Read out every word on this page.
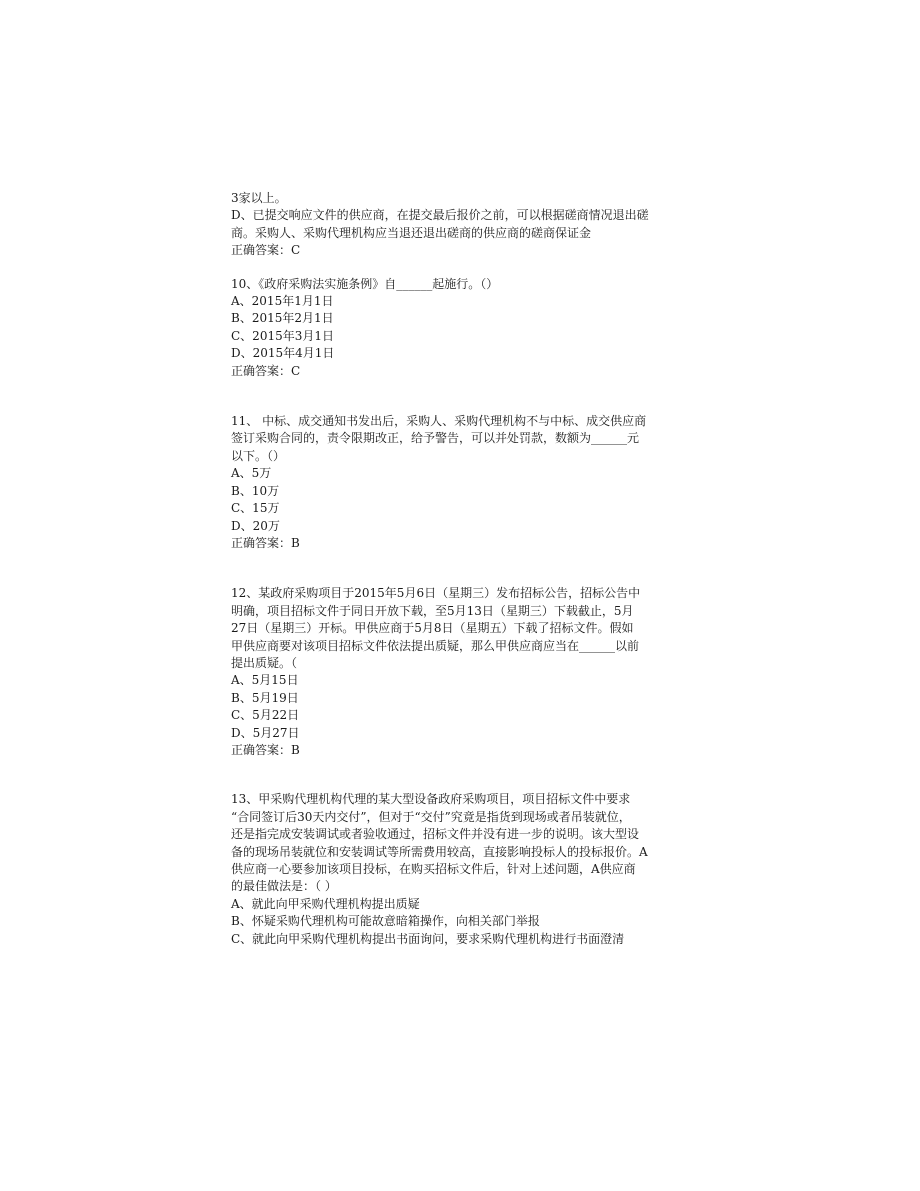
3家以上。
D、已提交响应文件的供应商，在提交最后报价之前，可以根据磋商情况退出磋
商。采购人、采购代理机构应当退还退出磋商的供应商的磋商保证金
正确答案：C
10、《政府采购法实施条例》自______起施行。（）
A、2015年1月1日
B、2015年2月1日
C、2015年3月1日
D、2015年4月1日
正确答案：C
11、 中标、成交通知书发出后，采购人、采购代理机构不与中标、成交供应商
签订采购合同的，责令限期改正，给予警告，可以并处罚款，数额为______元
以下。（）
A、5万
B、10万
C、15万
D、20万
正确答案：B
12、某政府采购项目于2015年5月6日（星期三）发布招标公告，招标公告中
明确，项目招标文件于同日开放下载，至5月13日（星期三）下载截止，5月
27日（星期三）开标。甲供应商于5月8日（星期五）下载了招标文件。假如
甲供应商要对该项目招标文件依法提出质疑，那么甲供应商应当在______以前
提出质疑。（
A、5月15日
B、5月19日
C、5月22日
D、5月27日
正确答案：B
13、甲采购代理机构代理的某大型设备政府采购项目，项目招标文件中要求
“合同签订后30天内交付”，但对于“交付”究竟是指货到现场或者吊装就位，
还是指完成安装调试或者验收通过，招标文件并没有进一步的说明。该大型设
备的现场吊装就位和安装调试等所需费用较高，直接影响投标人的投标报价。A
供应商一心要参加该项目投标，在购买招标文件后，针对上述问题，A供应商
的最佳做法是：（ ）
A、就此向甲采购代理机构提出质疑
B、怀疑采购代理机构可能故意暗箱操作，向相关部门举报
C、就此向甲采购代理机构提出书面询问，要求采购代理机构进行书面澄清
